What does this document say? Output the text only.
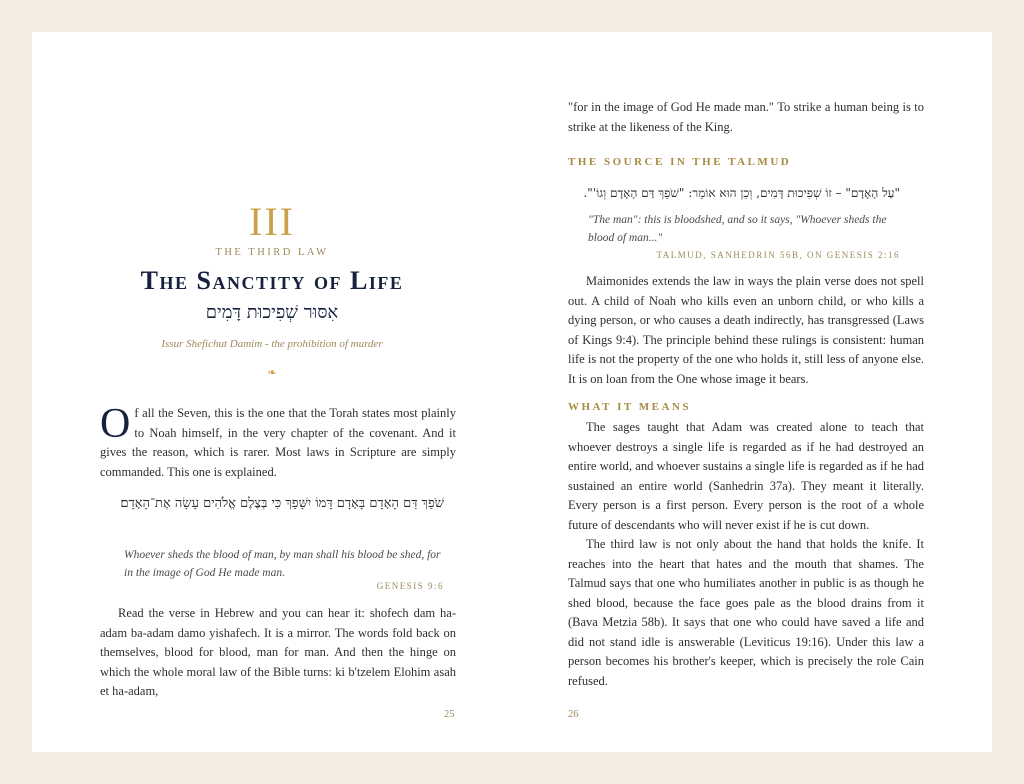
III
THE THIRD LAW
The Sanctity of Life
אִסּוּר שְׁפִיכוּת דָּמִים
Issur Shefichut Damim - the prohibition of murder
❧

Of all the Seven, this is the one that the Torah states most plainly to Noah himself, in the very chapter of the covenant. And it gives the reason, which is rarer. Most laws in Scripture are simply commanded. This one is explained.

שֹׁפֵךְ דַּם הָאָדָם בָּאָדָם דָּמוֹ יִשָּׁפֵךְ כִּי בְּצֶלֶם אֱלֹהִים עָשָׂה אֶת־הָאָדָם׃

Whoever sheds the blood of man, by man shall his blood be shed, for in the image of God He made man.

GENESIS 9:6

Read the verse in Hebrew and you can hear it: shofech dam ha-adam ba-adam damo yishafech. It is a mirror. The words fold back on themselves, blood for blood, man for man. And then the hinge on which the whole moral law of the Bible turns: ki b'tzelem Elohim asah et ha-adam,

25

"for in the image of God He made man." To strike a human being is to strike at the likeness of the King.

THE SOURCE IN THE TALMUD
"עַל הָאָדָם" – זוֹ שְׁפִיכוּת דָּמִים, וְכֵן הוּא אוֹמֵר: "שֹׁפֵךְ דַּם הָאָדָם וְגוֹ'".

"The man": this is bloodshed, and so it says, "Whoever sheds the blood of man..."

TALMUD, SANHEDRIN 56B, ON GENESIS 2:16

Maimonides extends the law in ways the plain verse does not spell out. A child of Noah who kills even an unborn child, or who kills a dying person, or who causes a death indirectly, has transgressed (Laws of Kings 9:4). The principle behind these rulings is consistent: human life is not the property of the one who holds it, still less of anyone else. It is on loan from the One whose image it bears.

WHAT IT MEANS

The sages taught that Adam was created alone to teach that whoever destroys a single life is regarded as if he had destroyed an entire world, and whoever sustains a single life is regarded as if he had sustained an entire world (Sanhedrin 37a). They meant it literally. Every person is a first person. Every person is the root of a whole future of descendants who will never exist if he is cut down.

The third law is not only about the hand that holds the knife. It reaches into the heart that hates and the mouth that shames. The Talmud says that one who humiliates another in public is as though he shed blood, because the face goes pale as the blood drains from it (Bava Metzia 58b). It says that one who could have saved a life and did not stand idle is answerable (Leviticus 19:16). Under this law a person becomes his brother's keeper, which is precisely the role Cain refused.

26
